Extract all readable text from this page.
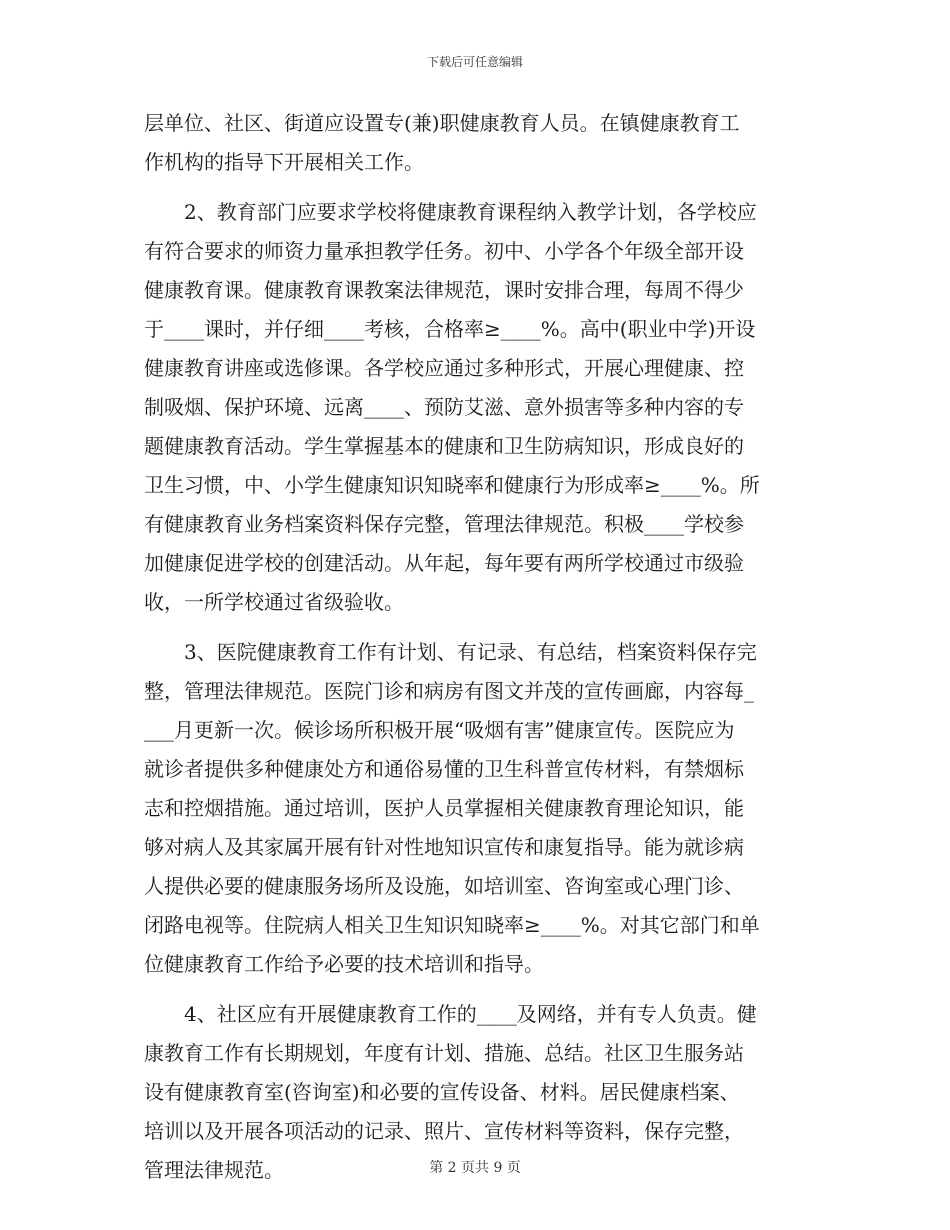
下载后可任意编辑
层单位、社区、街道应设置专(兼)职健康教育人员。在镇健康教育工
作机构的指导下开展相关工作。
　　2、教育部门应要求学校将健康教育课程纳入教学计划，各学校应
有符合要求的师资力量承担教学任务。初中、小学各个年级全部开设
健康教育课。健康教育课教案法律规范，课时安排合理，每周不得少
于____课时，并仔细____考核，合格率≥____%。高中(职业中学)开设
健康教育讲座或选修课。各学校应通过多种形式，开展心理健康、控
制吸烟、保护环境、远离____、预防艾滋、意外损害等多种内容的专
题健康教育活动。学生掌握基本的健康和卫生防病知识，形成良好的
卫生习惯，中、小学生健康知识知晓率和健康行为形成率≥____%。所
有健康教育业务档案资料保存完整，管理法律规范。积极____学校参
加健康促进学校的创建活动。从年起，每年要有两所学校通过市级验
收，一所学校通过省级验收。
　　3、医院健康教育工作有计划、有记录、有总结，档案资料保存完
整，管理法律规范。医院门诊和病房有图文并茂的宣传画廊，内容每_
___月更新一次。候诊场所积极开展“吸烟有害”健康宣传。医院应为
就诊者提供多种健康处方和通俗易懂的卫生科普宣传材料，有禁烟标
志和控烟措施。通过培训，医护人员掌握相关健康教育理论知识，能
够对病人及其家属开展有针对性地知识宣传和康复指导。能为就诊病
人提供必要的健康服务场所及设施，如培训室、咨询室或心理门诊、
闭路电视等。住院病人相关卫生知识知晓率≥____%。对其它部门和单
位健康教育工作给予必要的技术培训和指导。
　　4、社区应有开展健康教育工作的____及网络，并有专人负责。健
康教育工作有长期规划，年度有计划、措施、总结。社区卫生服务站
设有健康教育室(咨询室)和必要的宣传设备、材料。居民健康档案、
培训以及开展各项活动的记录、照片、宣传材料等资料，保存完整，
管理法律规范。	第 2 页共 9 页
